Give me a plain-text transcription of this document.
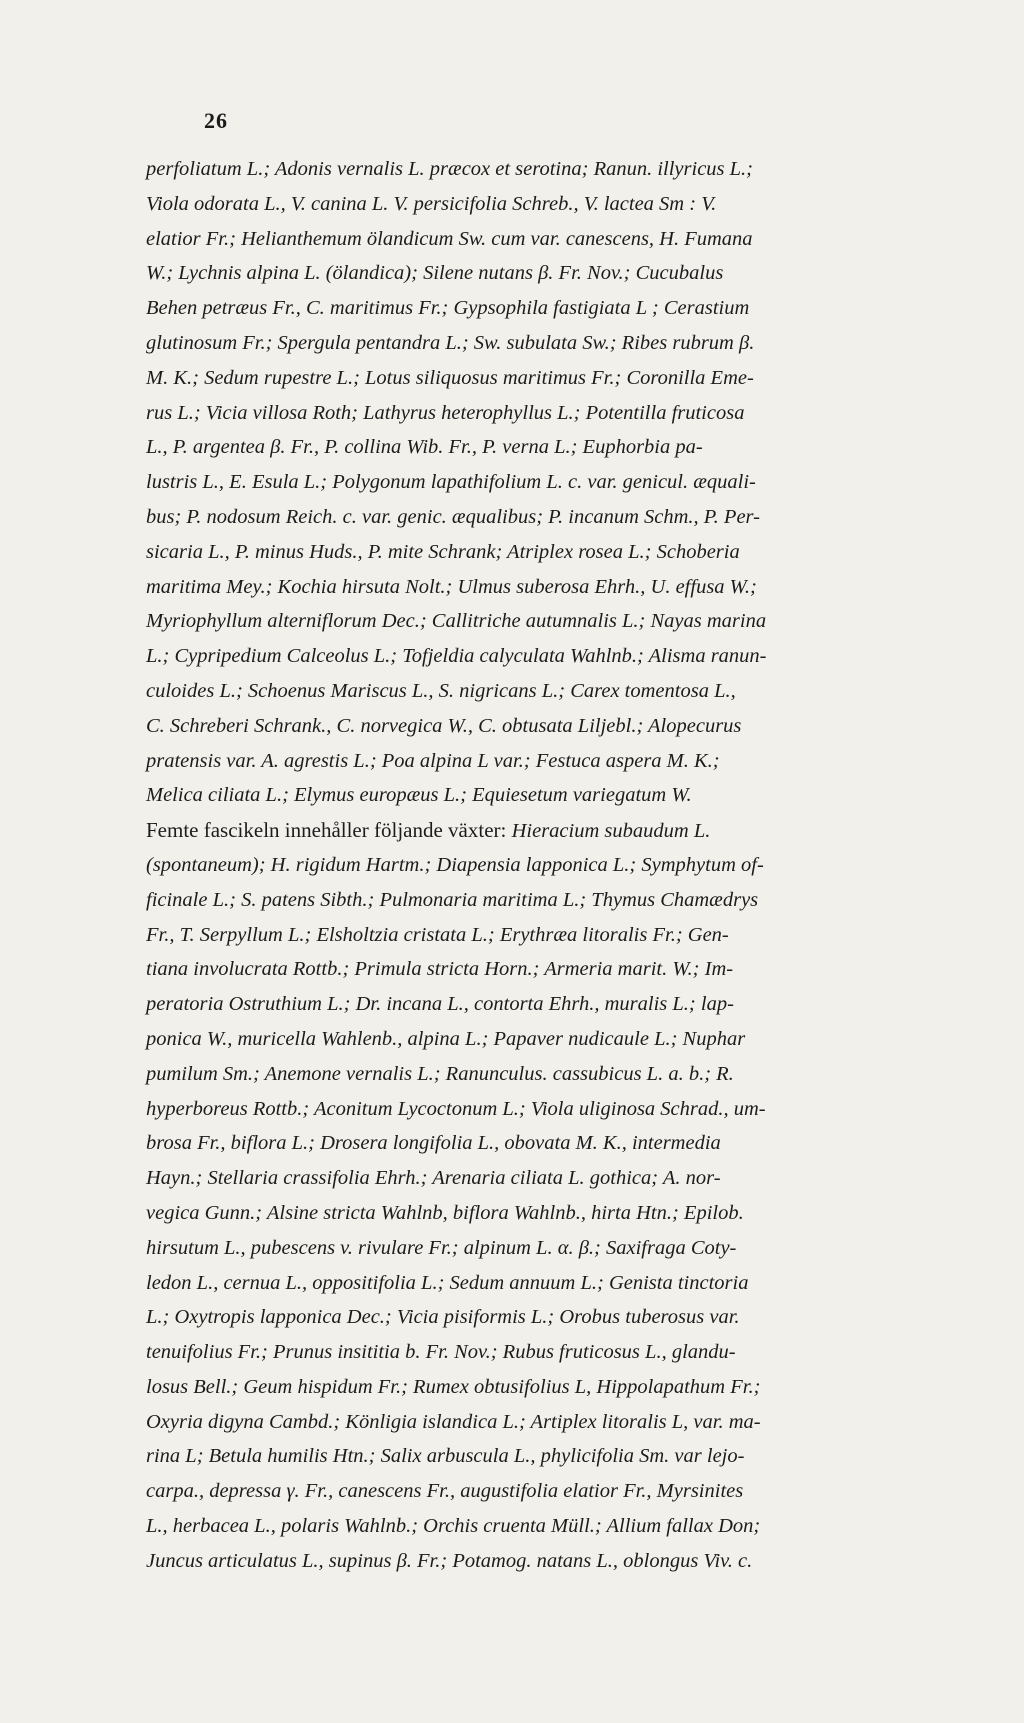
26
perfoliatum L.; Adonis vernalis L. præcox et serotina; Ranun. illyricus L.;
Viola odorata L., V. canina L. V. persicifolia Schreb., V. lactea Sm : V.
elatior Fr.; Helianthemum ölandicum Sw. cum var. canescens, H. Fumana
W.; Lychnis alpina L. (ölandica); Silene nutans β. Fr. Nov.; Cucubalus
Behen petræus Fr., C. maritimus Fr.; Gypsophila fastigiata L ; Cerastium
glutinosum Fr.; Spergula pentandra L.; Sw. subulata Sw.; Ribes rubrum β.
M. K.; Sedum rupestre L.; Lotus siliquosus maritimus Fr.; Coronilla Eme-
rus L.; Vicia villosa Roth; Lathyrus heterophyllus L.; Potentilla fruticosa
L., P. argentea β. Fr., P. collina Wib. Fr., P. verna L.; Euphorbia pa-
lustris L., E. Esula L.; Polygonum lapathifolium L. c. var. genicul. æquali-
bus; P. nodosum Reich. c. var. genic. æqualibus; P. incanum Schm., P. Per-
sicaria L., P. minus Huds., P. mite Schrank; Atriplex rosea L.; Schoberia
maritima Mey.; Kochia hirsuta Nolt.; Ulmus suberosa Ehrh., U. effusa W.;
Myriophyllum alterniflorum Dec.; Callitriche autumnalis L.; Nayas marina
L.; Cypripedium Calceolus L.; Tofjeldia calyculata Wahlnb.; Alisma ranun-
culoides L.; Schoenus Mariscus L., S. nigricans L.; Carex tomentosa L.,
C. Schreberi Schrank., C. norvegica W., C. obtusata Liljebl.; Alopecurus
pratensis var. A. agrestis L.; Poa alpina L var.; Festuca aspera M. K.;
Melica ciliata L.; Elymus europæus L.; Equiesetum variegatum W.
Femte fascikeln innehåller följande växter: Hieracium subaudum L.
(spontaneum); H. rigidum Hartm.; Diapensia lapponica L.; Symphytum of-
ficinale L.; S. patens Sibth.; Pulmonaria maritima L.; Thymus Chamædrys
Fr., T. Serpyllum L.; Elsholtzia cristata L.; Erythræa litoralis Fr.; Gen-
tiana involucrata Rottb.; Primula stricta Horn.; Armeria marit. W.; Im-
peratoria Ostruthium L.; Dr. incana L., contorta Ehrh., muralis L.; lap-
ponica W., muricella Wahlenb., alpina L.; Papaver nudicaule L.; Nuphar
pumilum Sm.; Anemone vernalis L.; Ranunculus. cassubicus L. a. b.; R.
hyperboreus Rottb.; Aconitum Lycoctonum L.; Viola uliginosa Schrad., um-
brosa Fr., biflora L.; Drosera longifolia L., obovata M. K., intermedia
Hayn.; Stellaria crassifolia Ehrh.; Arenaria ciliata L. gothica; A. nor-
vegica Gunn.; Alsine stricta Wahlnb, biflora Wahlnb., hirta Htn.; Epilob.
hirsutum L., pubescens v. rivulare Fr.; alpinum L. α. β.; Saxifraga Coty-
ledon L., cernua L., oppositifolia L.; Sedum annuum L.; Genista tinctoria
L.; Oxytropis lapponica Dec.; Vicia pisiformis L.; Orobus tuberosus var.
tenuifolius Fr.; Prunus insititia b. Fr. Nov.; Rubus fruticosus L., glandu-
losus Bell.; Geum hispidum Fr.; Rumex obtusifolius L, Hippolapathum Fr.;
Oxyria digyna Cambd.; Könligia islandica L.; Artiplex litoralis L, var. ma-
rina L; Betula humilis Htn.; Salix arbuscula L., phylicifolia Sm. var lejo-
carpa., depressa γ. Fr., canescens Fr., augustifolia elatior Fr., Myrsinites
L., herbacea L., polaris Wahlnb.; Orchis cruenta Müll.; Allium fallax Don;
Juncus articulatus L., supinus β. Fr.; Potamog. natans L., oblongus Viv. c.
